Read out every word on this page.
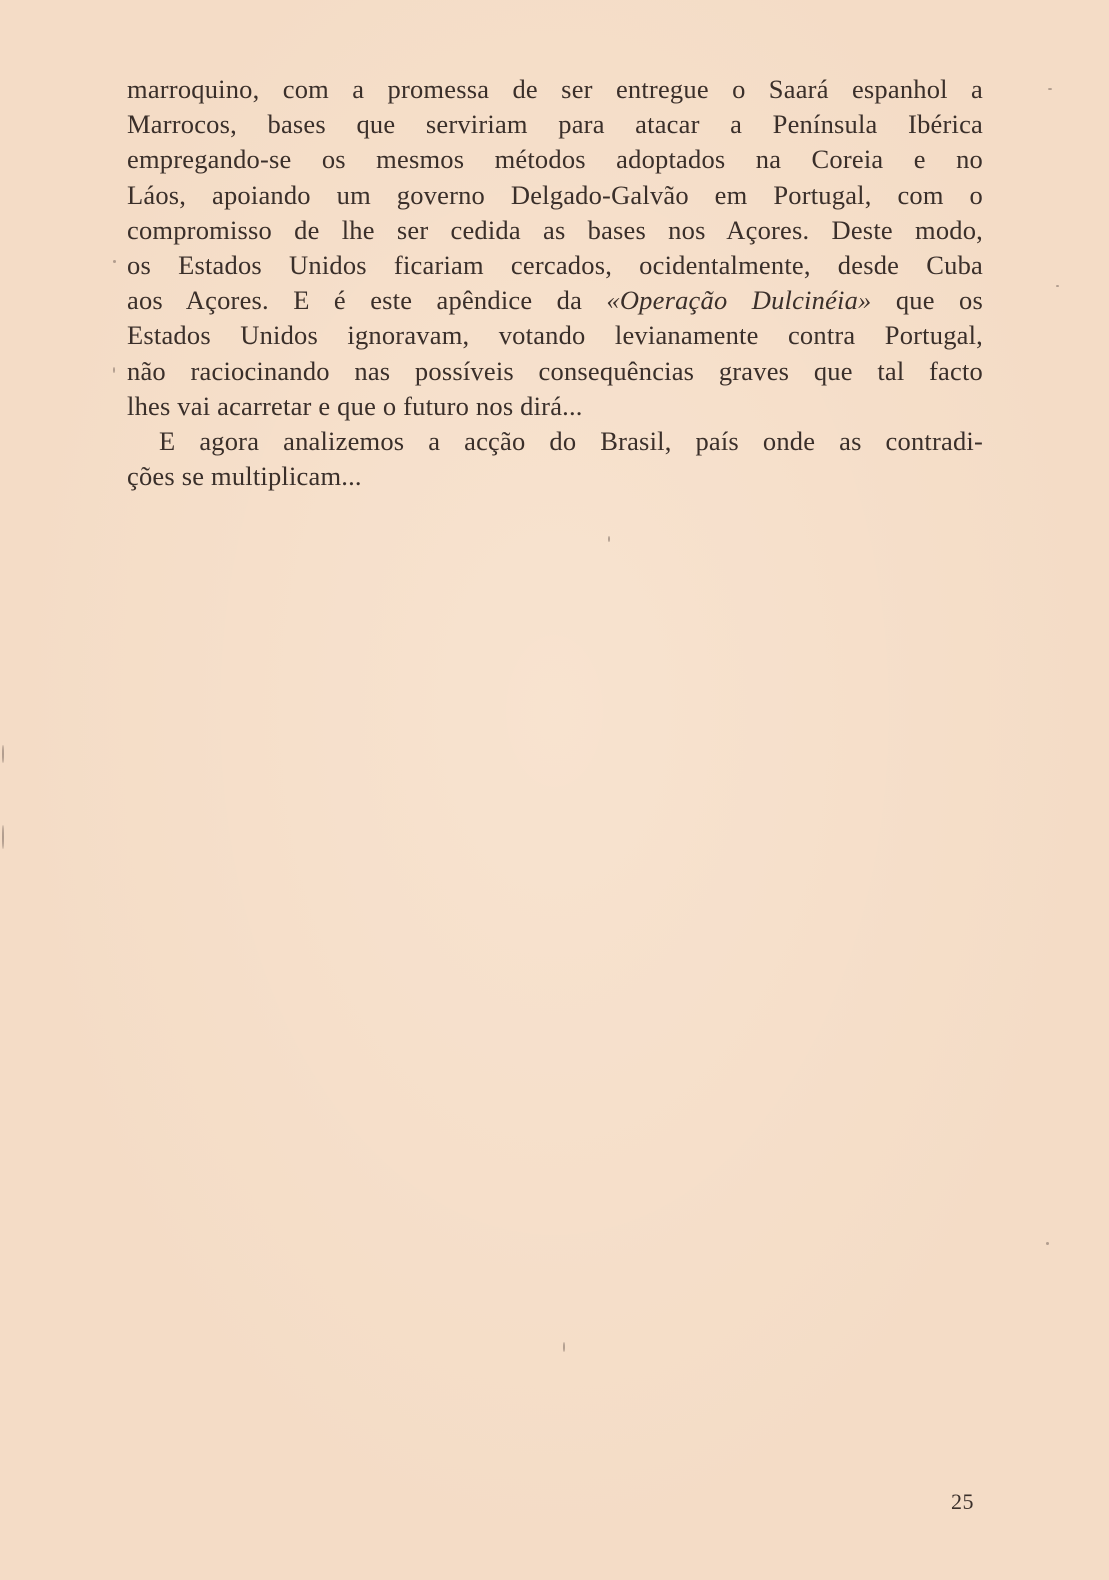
marroquino, com a promessa de ser entregue o Saará espanhol a
Marrocos, bases que serviriam para atacar a Península Ibérica
empregando-se os mesmos métodos adoptados na Coreia e no
Láos, apoiando um governo Delgado-Galvão em Portugal, com o
compromisso de lhe ser cedida as bases nos Açores. Deste modo,
os Estados Unidos ficariam cercados, ocidentalmente, desde Cuba
aos Açores. E é este apêndice da «Operação Dulcinéia» que os
Estados Unidos ignoravam, votando levianamente contra Portugal,
não raciocinando nas possíveis consequências graves que tal facto
lhes vai acarretar e que o futuro nos dirá...
E agora analizemos a acção do Brasil, país onde as contradi-
ções se multiplicam...
25
